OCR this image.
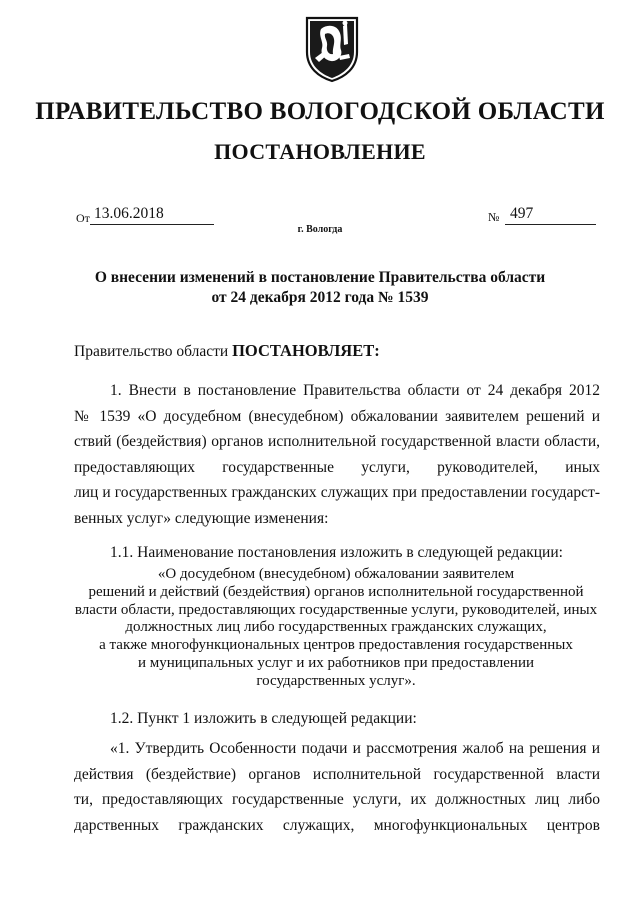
ПРАВИТЕЛЬСТВО ВОЛОГОДСКОЙ ОБЛАСТИ
ПОСТАНОВЛЕНИЕ
От 13.06.2018	№ 497
г. Вологда
О внесении изменений в постановление Правительства области
от 24 декабря 2012 года № 1539
Правительство области ПОСТАНОВЛЯЕТ:
1. Внести в постановление Правительства области от 24 декабря 2012
№ 1539 «О досудебном (внесудебном) обжаловании заявителем решений и
ствий (бездействия) органов исполнительной государственной власти области,
предоставляющих государственные услуги, руководителей, иных
лиц и государственных гражданских служащих при предоставлении государст-
венных услуг» следующие изменения:
1.1. Наименование постановления изложить в следующей редакции:
«О досудебном (внесудебном) обжаловании заявителем
решений и действий (бездействия) органов исполнительной государственной
власти области, предоставляющих государственные услуги, руководителей, иных
должностных лиц либо государственных гражданских служащих,
а также многофункциональных центров предоставления государственных
и муниципальных услуг и их работников при предоставлении
государственных услуг».
1.2. Пункт 1 изложить в следующей редакции:
«1. Утвердить Особенности подачи и рассмотрения жалоб на решения и
действия (бездействие) органов исполнительной государственной власти
ти, предоставляющих государственные услуги, их должностных лиц либо
дарственных гражданских служащих, многофункциональных центров
